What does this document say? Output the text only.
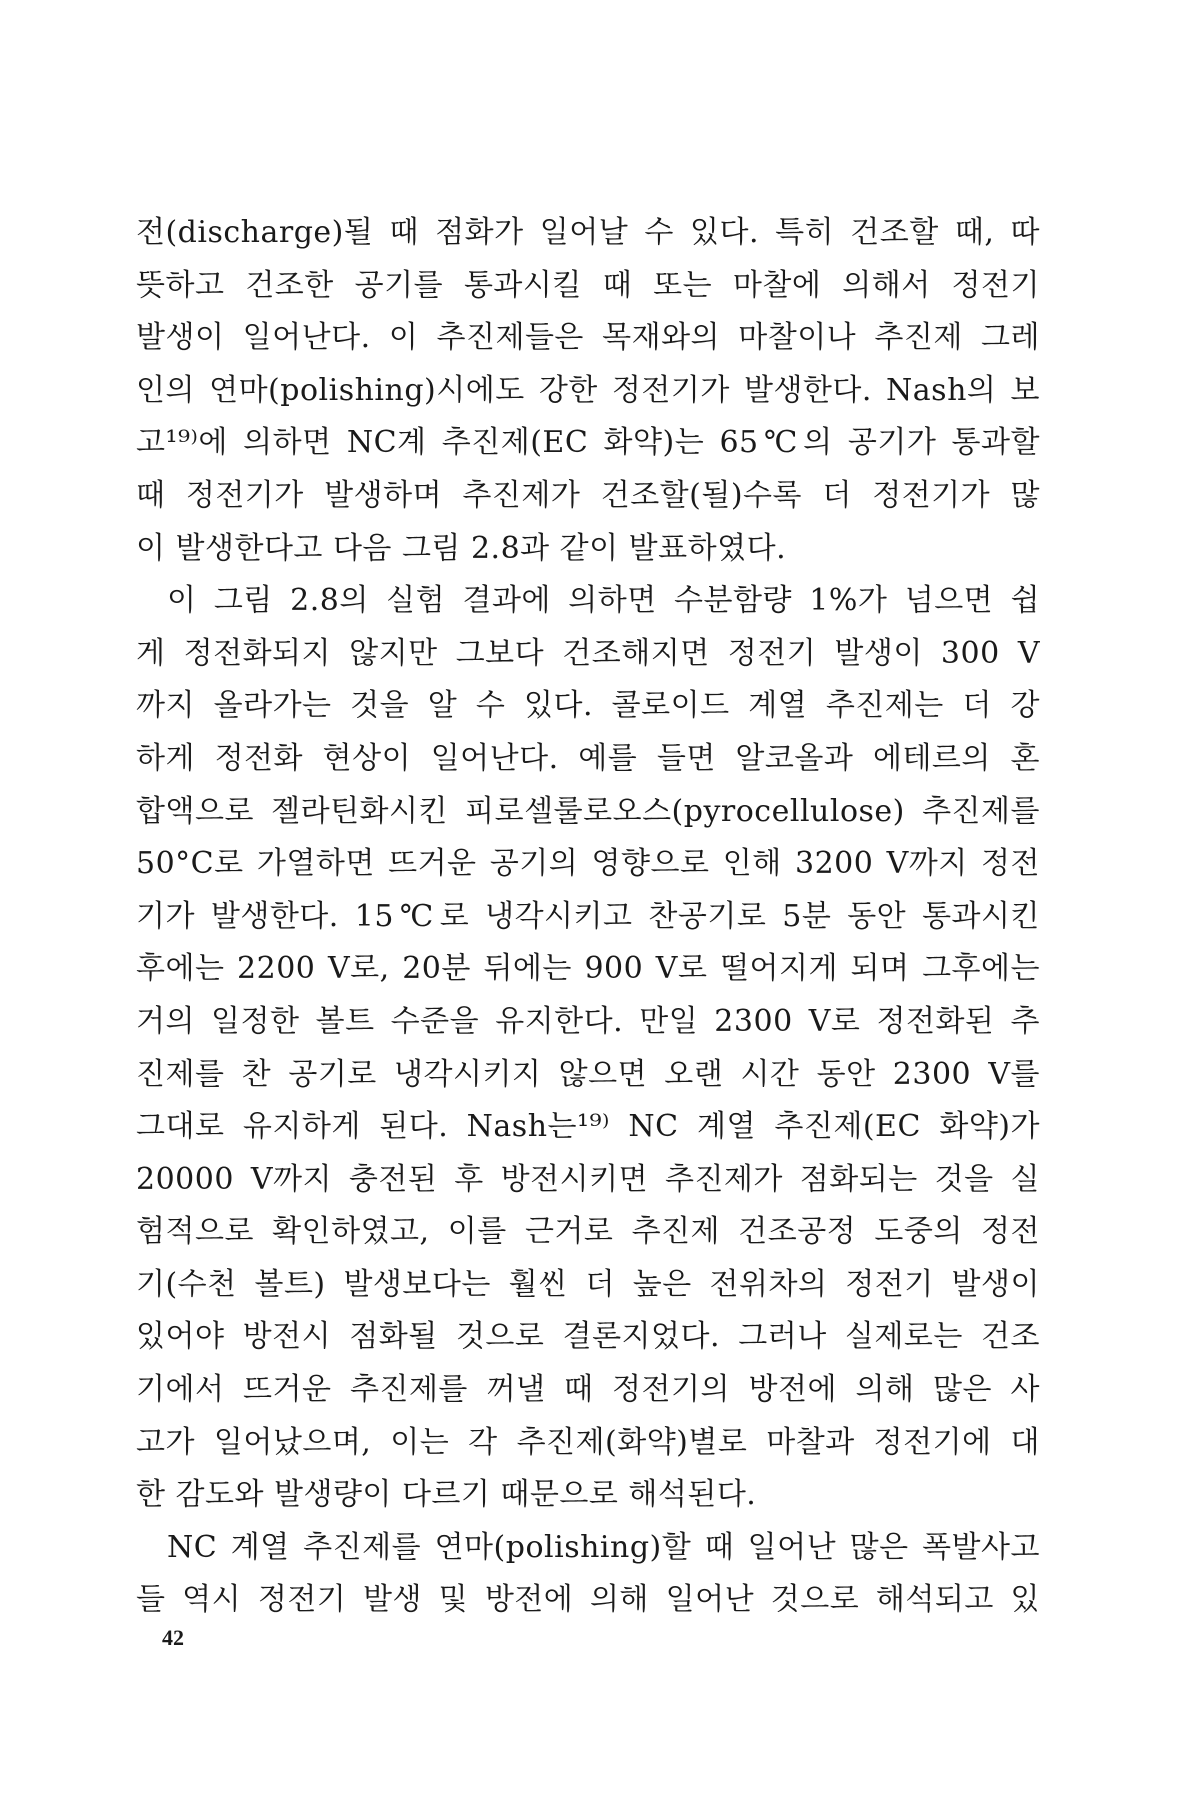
전(discharge)될 때 점화가 일어날 수 있다. 특히 건조할 때, 따
뜻하고 건조한 공기를 통과시킬 때 또는 마찰에 의해서 정전기
발생이 일어난다. 이 추진제들은 목재와의 마찰이나 추진제 그레
인의 연마(polishing)시에도 강한 정전기가 발생한다. Nash의 보
고¹⁹⁾에 의하면 NC계 추진제(EC 화약)는 65℃의 공기가 통과할
때 정전기가 발생하며 추진제가 건조할(될)수록 더 정전기가 많
이 발생한다고 다음 그림 2.8과 같이 발표하였다.
이 그림 2.8의 실험 결과에 의하면 수분함량 1%가 넘으면 쉽
게 정전화되지 않지만 그보다 건조해지면 정전기 발생이 300 V
까지 올라가는 것을 알 수 있다. 콜로이드 계열 추진제는 더 강
하게 정전화 현상이 일어난다. 예를 들면 알코올과 에테르의 혼
합액으로 젤라틴화시킨 피로셀룰로오스(pyrocellulose) 추진제를
50°C로 가열하면 뜨거운 공기의 영향으로 인해 3200 V까지 정전
기가 발생한다. 15℃로 냉각시키고 찬공기로 5분 동안 통과시킨
후에는 2200 V로, 20분 뒤에는 900 V로 떨어지게 되며 그후에는
거의 일정한 볼트 수준을 유지한다. 만일 2300 V로 정전화된 추
진제를 찬 공기로 냉각시키지 않으면 오랜 시간 동안 2300 V를
그대로 유지하게 된다. Nash는¹⁹⁾ NC 계열 추진제(EC 화약)가
20000 V까지 충전된 후 방전시키면 추진제가 점화되는 것을 실
험적으로 확인하였고, 이를 근거로 추진제 건조공정 도중의 정전
기(수천 볼트) 발생보다는 훨씬 더 높은 전위차의 정전기 발생이
있어야 방전시 점화될 것으로 결론지었다. 그러나 실제로는 건조
기에서 뜨거운 추진제를 꺼낼 때 정전기의 방전에 의해 많은 사
고가 일어났으며, 이는 각 추진제(화약)별로 마찰과 정전기에 대
한 감도와 발생량이 다르기 때문으로 해석된다.
NC 계열 추진제를 연마(polishing)할 때 일어난 많은 폭발사고
들 역시 정전기 발생 및 방전에 의해 일어난 것으로 해석되고 있
42
